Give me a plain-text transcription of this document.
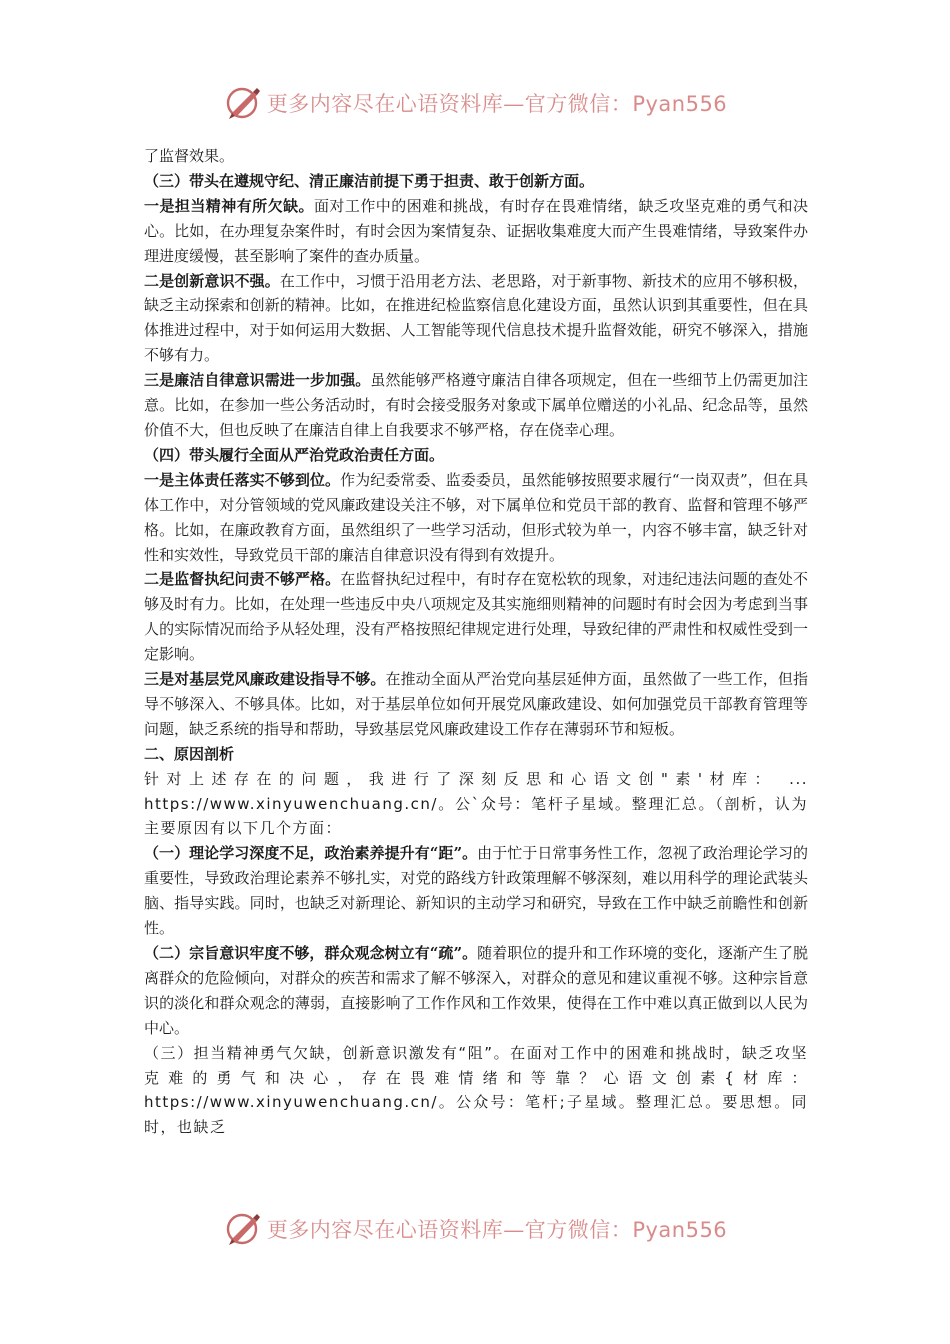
更多内容尽在心语资料库—官方微信：Pyan556

了监督效果。

（三）带头在遵规守纪、清正廉洁前提下勇于担责、敢于创新方面。

一是担当精神有所欠缺。面对工作中的困难和挑战，有时存在畏难情绪，缺乏攻坚克难的勇气和决心。比如，在办理复杂案件时，有时会因为案情复杂、证据收集难度大而产生畏难情绪，导致案件办理进度缓慢，甚至影响了案件的查办质量。

二是创新意识不强。在工作中，习惯于沿用老方法、老思路，对于新事物、新技术的应用不够积极，缺乏主动探索和创新的精神。比如，在推进纪检监察信息化建设方面，虽然认识到其重要性，但在具体推进过程中，对于如何运用大数据、人工智能等现代信息技术提升监督效能，研究不够深入，措施不够有力。

三是廉洁自律意识需进一步加强。虽然能够严格遵守廉洁自律各项规定，但在一些细节上仍需更加注意。比如，在参加一些公务活动时，有时会接受服务对象或下属单位赠送的小礼品、纪念品等，虽然价值不大，但也反映了在廉洁自律上自我要求不够严格，存在侥幸心理。

（四）带头履行全面从严治党政治责任方面。

一是主体责任落实不够到位。作为纪委常委、监委委员，虽然能够按照要求履行“一岗双责”，但在具体工作中，对分管领域的党风廉政建设关注不够，对下属单位和党员干部的教育、监督和管理不够严格。比如，在廉政教育方面，虽然组织了一些学习活动，但形式较为单一，内容不够丰富，缺乏针对性和实效性，导致党员干部的廉洁自律意识没有得到有效提升。

二是监督执纪问责不够严格。在监督执纪过程中，有时存在宽松软的现象，对违纪违法问题的查处不够及时有力。比如，在处理一些违反中央八项规定及其实施细则精神的问题时有时会因为考虑到当事人的实际情况而给予从轻处理，没有严格按照纪律规定进行处理，导致纪律的严肃性和权威性受到一定影响。

三是对基层党风廉政建设指导不够。在推动全面从严治党向基层延伸方面，虽然做了一些工作，但指导不够深入、不够具体。比如，对于基层单位如何开展党风廉政建设、如何加强党员干部教育管理等问题，缺乏系统的指导和帮助，导致基层党风廉政建设工作存在薄弱环节和短板。

二、原因剖析

针对上述存在的问题，我进行了深刻反思和心语文创"素'材库： ... https://www.xinyuwenchuang.cn/。公`众号：笔杆子星域。整理汇总。（剖析，认为主要原因有以下几个方面：

（一）理论学习深度不足，政治素养提升有“距”。由于忙于日常事务性工作，忽视了政治理论学习的重要性，导致政治理论素养不够扎实，对党的路线方针政策理解不够深刻，难以用科学的理论武装头脑、指导实践。同时，也缺乏对新理论、新知识的主动学习和研究，导致在工作中缺乏前瞻性和创新性。

（二）宗旨意识牢度不够，群众观念树立有“疏”。随着职位的提升和工作环境的变化，逐渐产生了脱离群众的危险倾向，对群众的疾苦和需求了解不够深入，对群众的意见和建议重视不够。这种宗旨意识的淡化和群众观念的薄弱，直接影响了工作作风和工作效果，使得在工作中难以真正做到以人民为中心。

（三）担当精神勇气欠缺，创新意识激发有“阻”。在面对工作中的困难和挑战时，缺乏攻坚克难的勇气和决心，存在畏难情绪和等靠？心语文创素{材库： https://www.xinyuwenchuang.cn/。公众号：笔杆;子星域。整理汇总。要思想。同时，也缺乏

更多内容尽在心语资料库—官方微信：Pyan556
